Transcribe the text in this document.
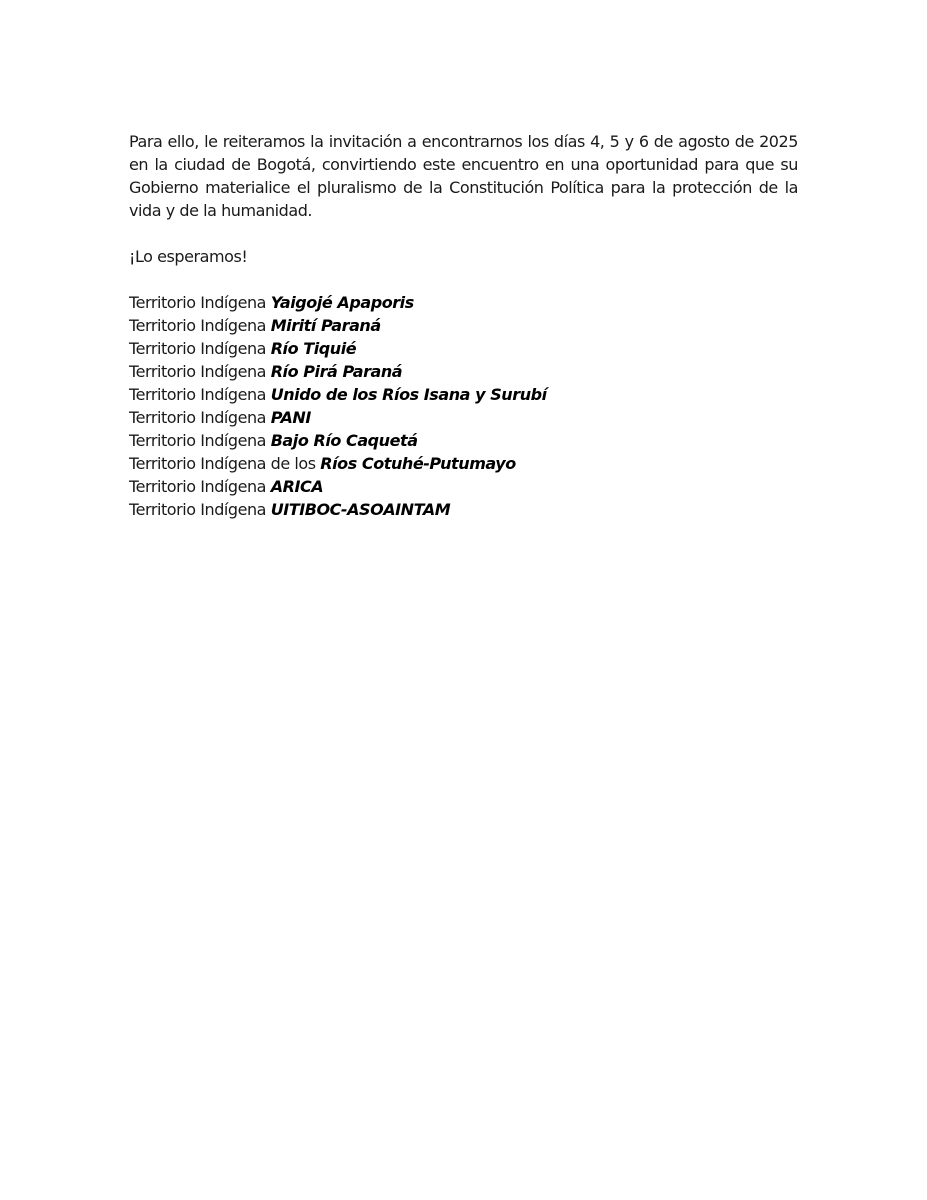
Para ello, le reiteramos la invitación a encontrarnos los días 4, 5 y 6 de agosto de 2025 en la ciudad de Bogotá, convirtiendo este encuentro en una oportunidad para que su Gobierno materialice el pluralismo de la Constitución Política para la protección de la vida y de la humanidad.

¡Lo esperamos!

Territorio Indígena Yaigojé Apaporis
Territorio Indígena Mirití Paraná
Territorio Indígena Río Tiquié
Territorio Indígena Río Pirá Paraná
Territorio Indígena Unido de los Ríos Isana y Surubí
Territorio Indígena PANI
Territorio Indígena Bajo Río Caquetá
Territorio Indígena de los Ríos Cotuhé-Putumayo
Territorio Indígena ARICA
Territorio Indígena UITIBOC-ASOAINTAM
